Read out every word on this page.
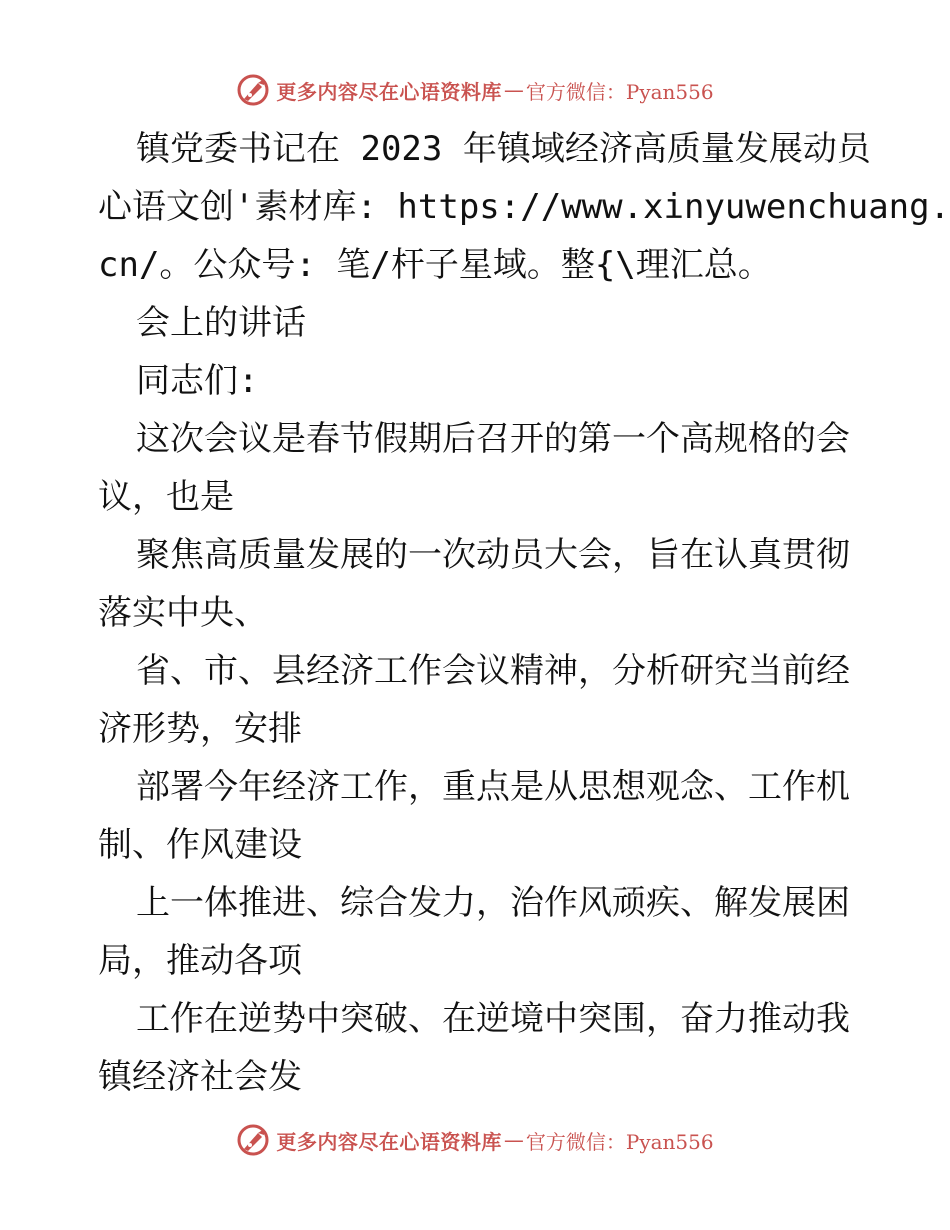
更多内容尽在心语资料库 — 官方微信：Pyan556

镇党委书记在 2023 年镇域经济高质量发展动员

心语文创'素材库: https://www.xinyuwenchuang.

cn/。公众号: 笔/杆子星域。整{\理汇总。

会上的讲话

同志们:

这次会议是春节假期后召开的第一个高规格的会

议，也是

聚焦高质量发展的一次动员大会，旨在认真贯彻

落实中央、

省、市、县经济工作会议精神，分析研究当前经

济形势，安排

部署今年经济工作，重点是从思想观念、工作机

制、作风建设

上一体推进、综合发力，治作风顽疾、解发展困

局，推动各项

工作在逆势中突破、在逆境中突围，奋力推动我

镇经济社会发

更多内容尽在心语资料库 — 官方微信：Pyan556
